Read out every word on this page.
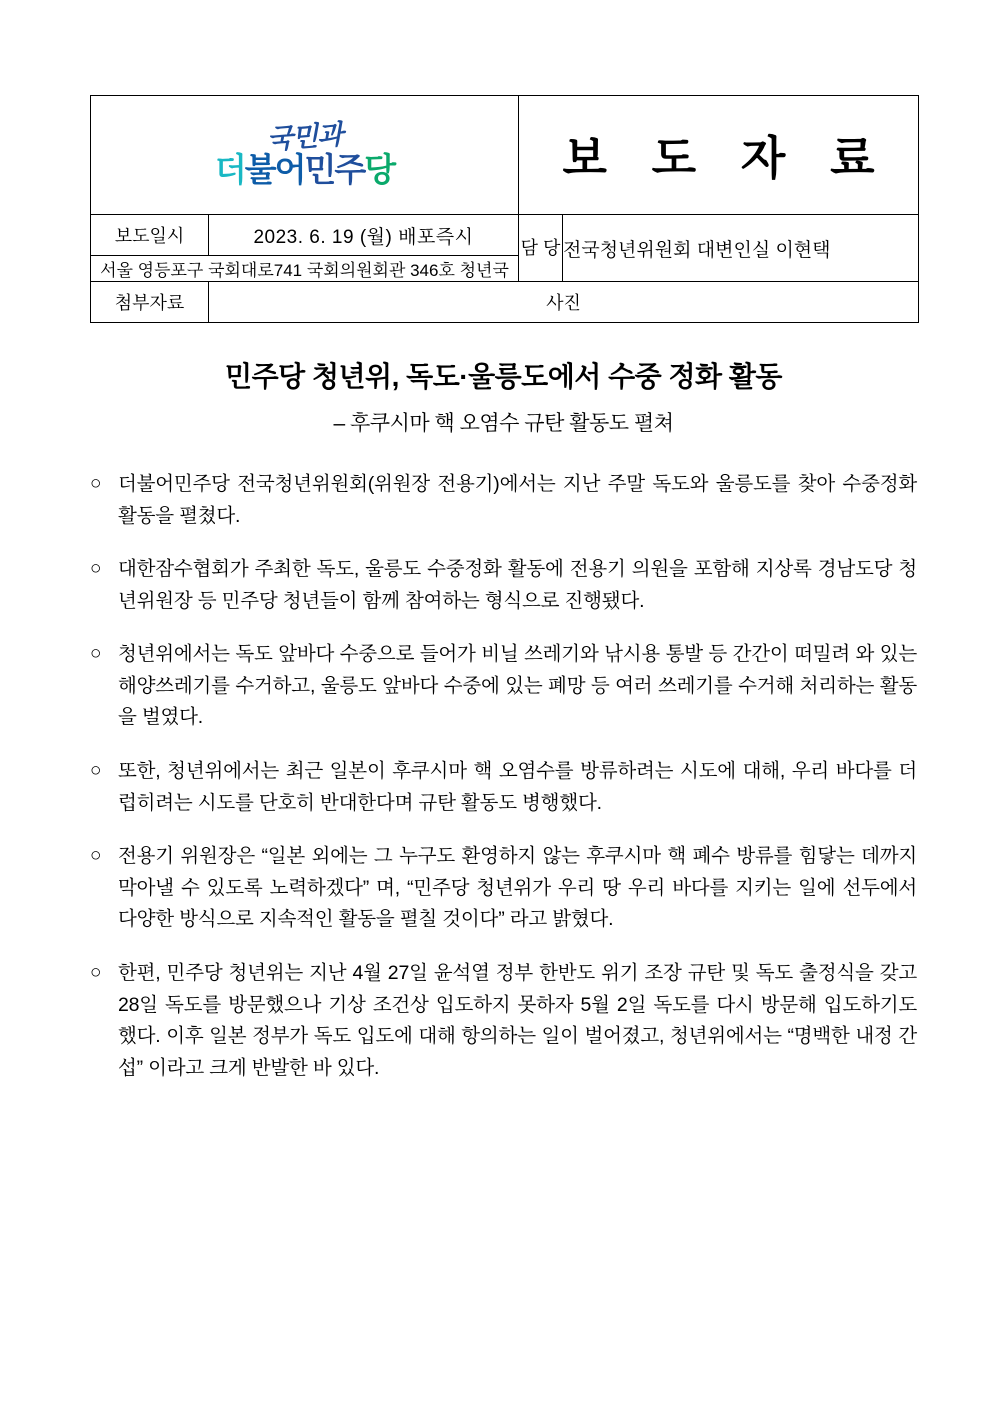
국민과
더불어민주당		보 도 자 료	

보도일시	2023. 6. 19 (월) 배포즉시	담 당	전국청년위원회 대변인실 이현택
서울 영등포구 국회대로741 국회의원회관 346호 청년국			
첨부자료	사진		
민주당 청년위, 독도·울릉도에서 수중 정화 활동
– 후쿠시마 핵 오염수 규탄 활동도 펼쳐
○ 더불어민주당 전국청년위원회(위원장 전용기)에서는 지난 주말 독도와 울릉도를 찾아 수중정화 활동을 펼쳤다.
○ 대한잠수협회가 주최한 독도, 울릉도 수중정화 활동에 전용기 의원을 포함해 지상록 경남도당 청년위원장 등 민주당 청년들이 함께 참여하는 형식으로 진행됐다.
○ 청년위에서는 독도 앞바다 수중으로 들어가 비닐 쓰레기와 낚시용 통발 등 간간이 떠밀려 와 있는 해양쓰레기를 수거하고, 울릉도 앞바다 수중에 있는 폐망 등 여러 쓰레기를 수거해 처리하는 활동을 벌였다.
○ 또한, 청년위에서는 최근 일본이 후쿠시마 핵 오염수를 방류하려는 시도에 대해, 우리 바다를 더럽히려는 시도를 단호히 반대한다며 규탄 활동도 병행했다.
○ 전용기 위원장은 “일본 외에는 그 누구도 환영하지 않는 후쿠시마 핵 폐수 방류를 힘닿는 데까지 막아낼 수 있도록 노력하겠다” 며, “민주당 청년위가 우리 땅 우리 바다를 지키는 일에 선두에서 다양한 방식으로 지속적인 활동을 펼칠 것이다” 라고 밝혔다.
○ 한편, 민주당 청년위는 지난 4월 27일 윤석열 정부 한반도 위기 조장 규탄 및 독도 출정식을 갖고 28일 독도를 방문했으나 기상 조건상 입도하지 못하자 5월 2일 독도를 다시 방문해 입도하기도 했다. 이후 일본 정부가 독도 입도에 대해 항의하는 일이 벌어졌고, 청년위에서는 “명백한 내정 간섭” 이라고 크게 반발한 바 있다.
